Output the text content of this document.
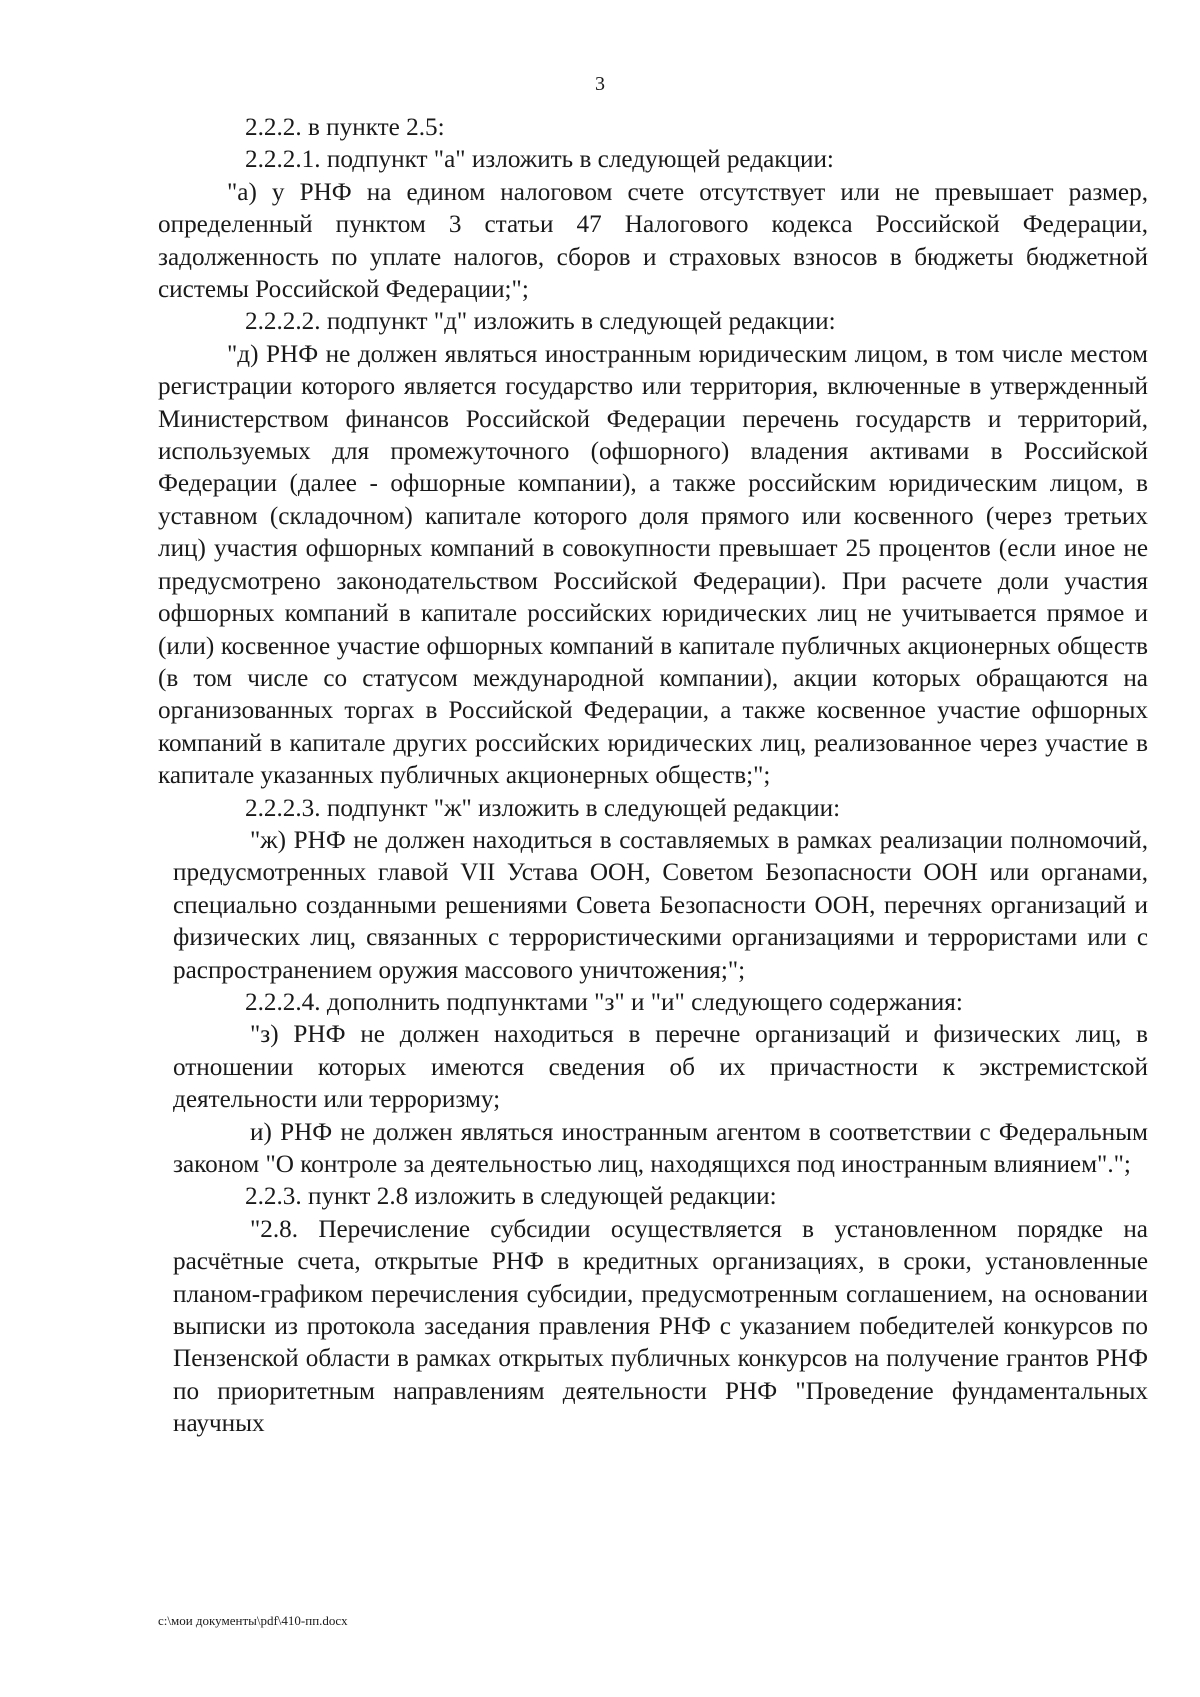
3

2.2.2. в пункте 2.5:

2.2.2.1. подпункт "а" изложить в следующей редакции:

"а) у РНФ на едином налоговом счете отсутствует или не превышает размер, определенный пунктом 3 статьи 47 Налогового кодекса Российской Федерации, задолженность по уплате налогов, сборов и страховых взносов в бюджеты бюджетной системы Российской Федерации;";

2.2.2.2. подпункт "д" изложить в следующей редакции:

"д) РНФ не должен являться иностранным юридическим лицом, в том числе местом регистрации которого является государство или территория, включенные в утвержденный Министерством финансов Российской Федерации перечень государств и территорий, используемых для промежуточного (офшорного) владения активами в Российской Федерации (далее - офшорные компании), а также российским юридическим лицом, в уставном (складочном) капитале которого доля прямого или косвенного (через третьих лиц) участия офшорных компаний в совокупности превышает 25 процентов (если иное не предусмотрено законодательством Российской Федерации). При расчете доли участия офшорных компаний в капитале российских юридических лиц не учитывается прямое и (или) косвенное участие офшорных компаний в капитале публичных акционерных обществ (в том числе со статусом международной компании), акции которых обращаются на организованных торгах в Российской Федерации, а также косвенное участие офшорных компаний в капитале других российских юридических лиц, реализованное через участие в капитале указанных публичных акционерных обществ;";

2.2.2.3. подпункт "ж" изложить в следующей редакции:

"ж) РНФ не должен находиться в составляемых в рамках реализации полномочий, предусмотренных главой VII Устава ООН, Советом Безопасности ООН или органами, специально созданными решениями Совета Безопасности ООН, перечнях организаций и физических лиц, связанных с террористическими организациями и террористами или с распространением оружия массового уничтожения;";

2.2.2.4. дополнить подпунктами "з" и "и" следующего содержания:

"з) РНФ не должен находиться в перечне организаций и физических лиц, в отношении которых имеются сведения об их причастности к экстремистской деятельности или терроризму;

и) РНФ не должен являться иностранным агентом в соответствии с Федеральным законом "О контроле за деятельностью лиц, находящихся под иностранным влиянием".";

2.2.3. пункт 2.8 изложить в следующей редакции:

"2.8. Перечисление субсидии осуществляется в установленном порядке на расчётные счета, открытые РНФ в кредитных организациях, в сроки, установленные планом-графиком перечисления субсидии, предусмотренным соглашением, на основании выписки из протокола заседания правления РНФ с указанием победителей конкурсов по Пензенской области в рамках открытых публичных конкурсов на получение грантов РНФ по приоритетным направлениям деятельности РНФ "Проведение фундаментальных научных

c:\мои документы\pdf\410-пп.docx
